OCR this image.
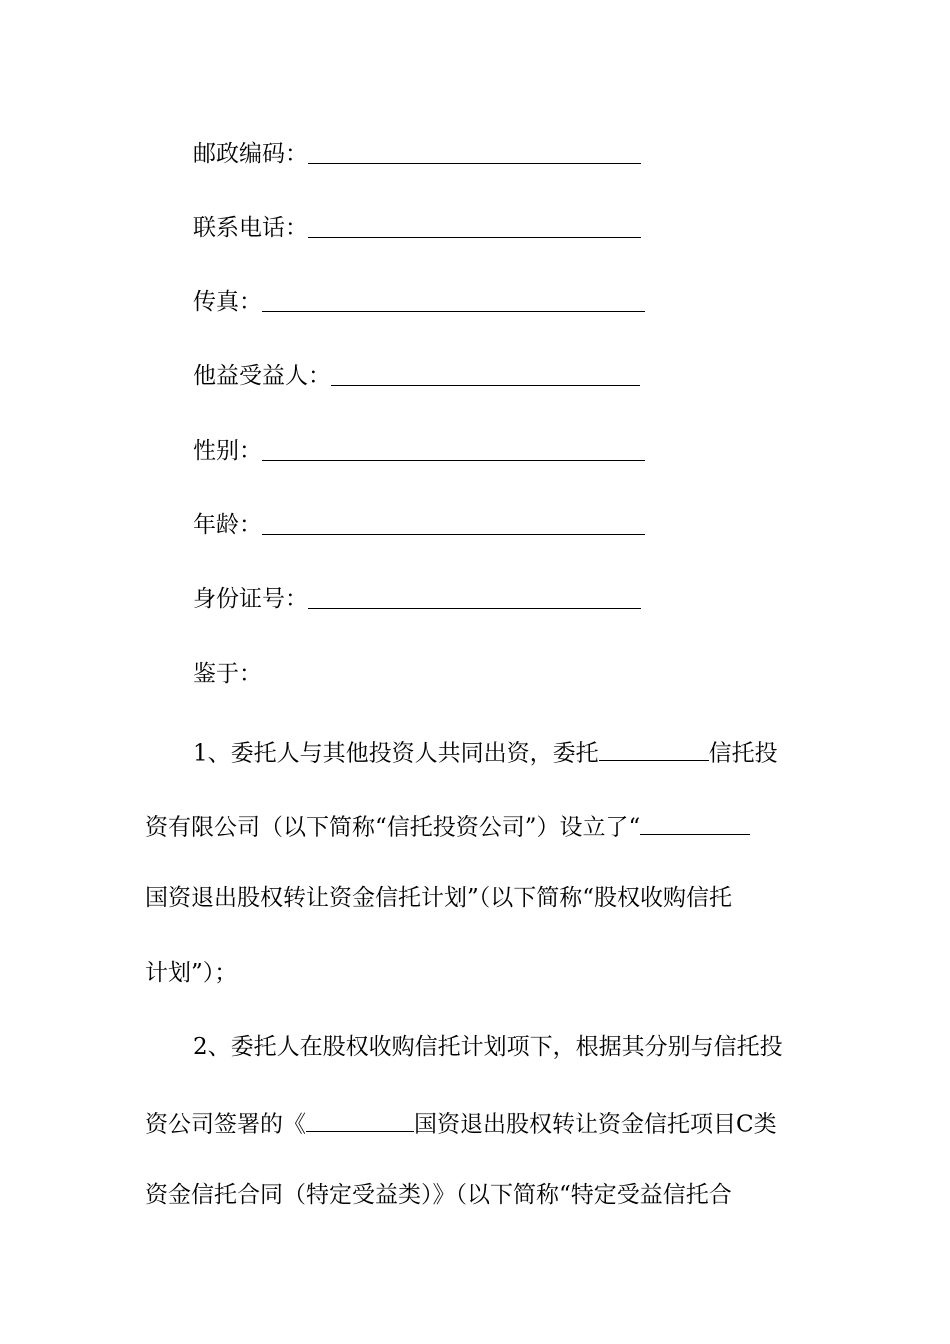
邮政编码：
联系电话：
传真：
他益受益人：
性别：
年龄：
身份证号：
鉴于：
1、委托人与其他投资人共同出资，委托	信托投
资有限公司（以下简称“信托投资公司”）设立了“
国资退出股权转让资金信托计划”（以下简称“股权收购信托
计划”）；
2、委托人在股权收购信托计划项下，根据其分别与信托投
资公司签署的《	国资退出股权转让资金信托项目C类
资金信托合同（特定受益类）》（以下简称“特定受益信托合
